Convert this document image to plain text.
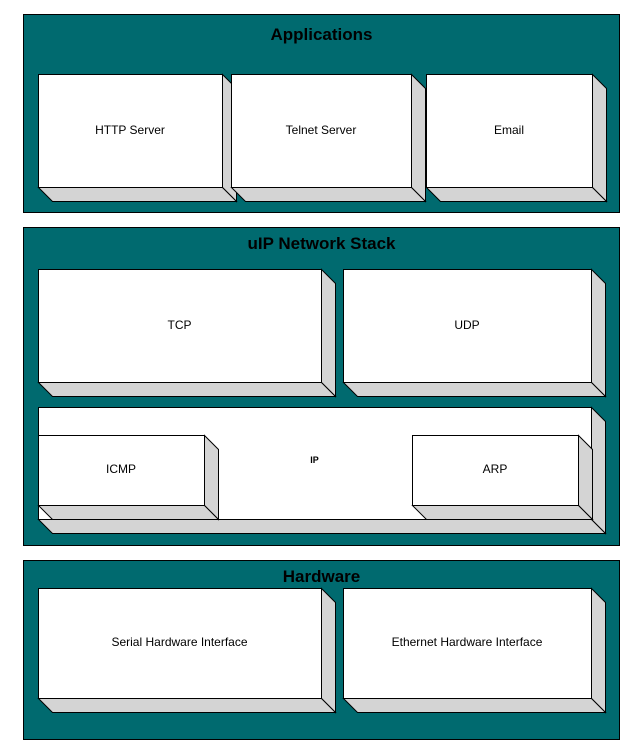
Applications
HTTP Server	Telnet Server	Email
uIP Network Stack
TCP	UDP
IP
ICMP	ARP
Hardware
Serial Hardware Interface	Ethernet Hardware Interface
